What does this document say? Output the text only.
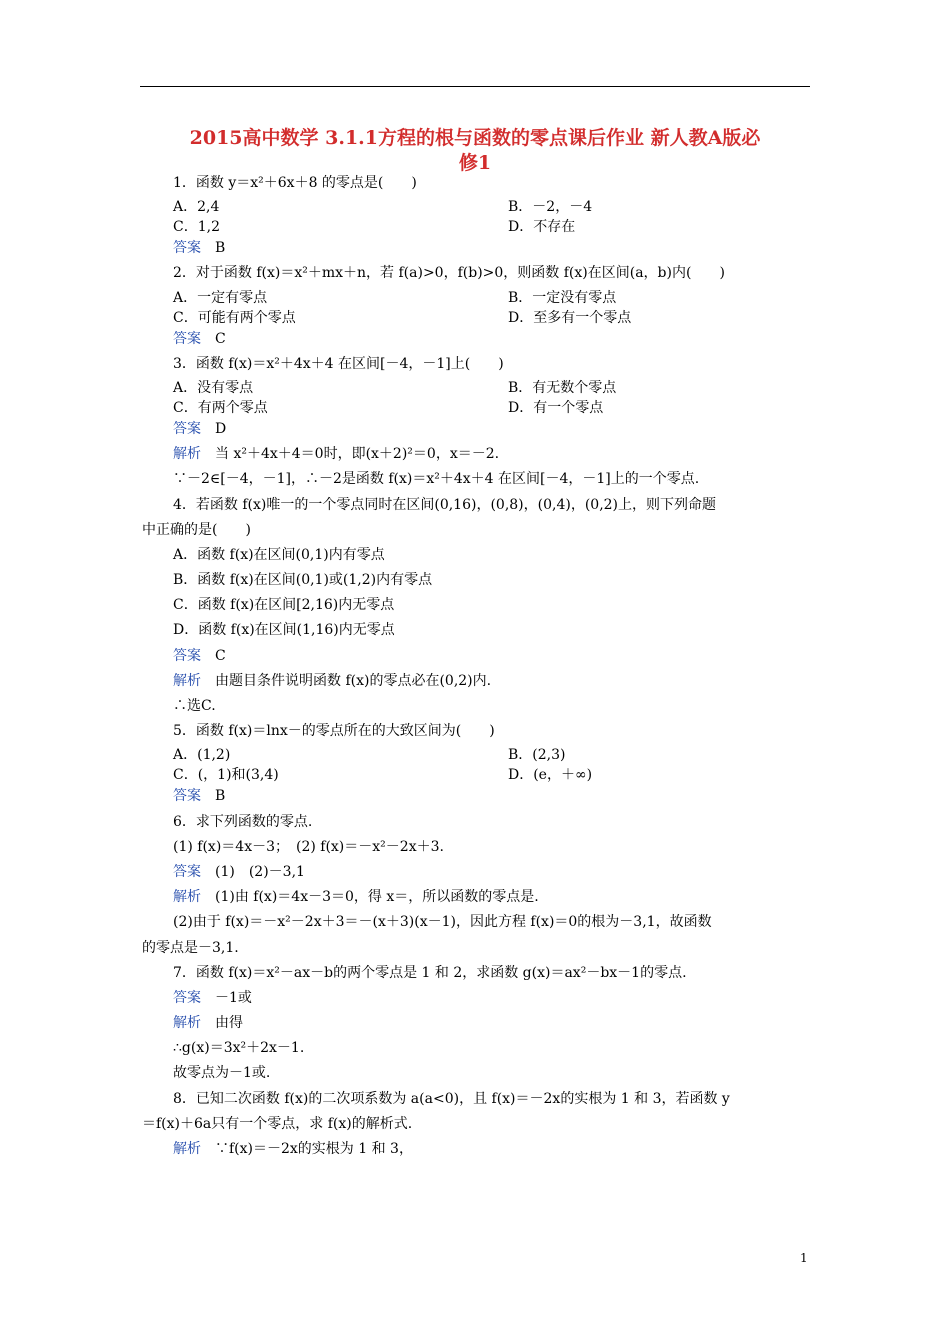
2015高中数学 3.1.1方程的根与函数的零点课后作业 新人教A版必
修1
1．函数 y＝x²＋6x＋8 的零点是(　　)
A．2,4	B．－2，－4
C．1,2	D．不存在
答案　B
2．对于函数 f(x)＝x²＋mx＋n，若 f(a)>0，f(b)>0，则函数 f(x)在区间(a，b)内(　　)
A．一定有零点	B．一定没有零点
C．可能有两个零点	D．至多有一个零点
答案　C
3．函数 f(x)＝x²＋4x＋4 在区间[－4，－1]上(　　)
A．没有零点	B．有无数个零点
C．有两个零点	D．有一个零点
答案　D
解析　当 x²＋4x＋4＝0时，即(x＋2)²＝0，x＝－2.
∵－2∈[－4，－1]，∴－2是函数 f(x)＝x²＋4x＋4 在区间[－4，－1]上的一个零点.
4．若函数 f(x)唯一的一个零点同时在区间(0,16)，(0,8)，(0,4)，(0,2)上，则下列命题
中正确的是(　　)
A．函数 f(x)在区间(0,1)内有零点
B．函数 f(x)在区间(0,1)或(1,2)内有零点
C．函数 f(x)在区间[2,16)内无零点
D．函数 f(x)在区间(1,16)内无零点
答案　C
解析　由题目条件说明函数 f(x)的零点必在(0,2)内.
∴选C.
5．函数 f(x)＝lnx－的零点所在的大致区间为(　　)
A．(1,2)	B．(2,3)
C．(，1)和(3,4)	D．(e，＋∞)
答案　B
6．求下列函数的零点.
(1) f(x)＝4x－3；　(2) f(x)＝－x²－2x＋3.
答案　(1)　(2)－3,1
解析　(1)由 f(x)＝4x－3＝0，得 x＝，所以函数的零点是.
(2)由于 f(x)＝－x²－2x＋3＝－(x＋3)(x－1)，因此方程 f(x)＝0的根为－3,1，故函数
的零点是－3,1.
7．函数 f(x)＝x²－ax－b的两个零点是 1 和 2，求函数 g(x)＝ax²－bx－1的零点.
答案　－1或
解析　由得
∴g(x)＝3x²＋2x－1.
故零点为－1或.
8．已知二次函数 f(x)的二次项系数为 a(a<0)，且 f(x)＝－2x的实根为 1 和 3，若函数 y
＝f(x)＋6a只有一个零点，求 f(x)的解析式.
解析　∵f(x)＝－2x的实根为 1 和 3，
1
